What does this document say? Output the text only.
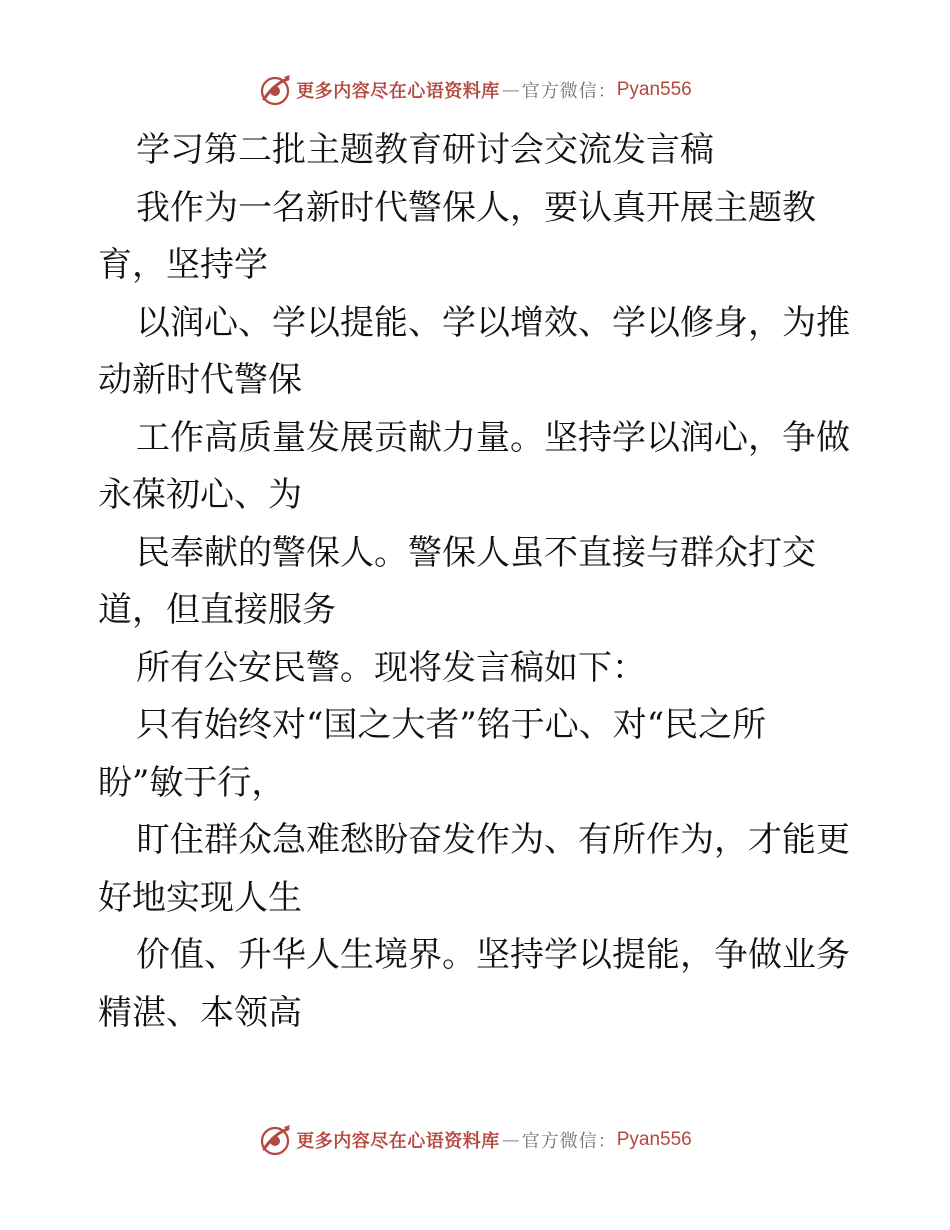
更多内容尽在心语资料库 — 官方微信： Pyan556
学习第二批主题教育研讨会交流发言稿
我作为一名新时代警保人，要认真开展主题教
育，坚持学
以润心、学以提能、学以增效、学以修身，为推
动新时代警保
工作高质量发展贡献力量。坚持学以润心，争做
永葆初心、为
民奉献的警保人。警保人虽不直接与群众打交
道，但直接服务
所有公安民警。现将发言稿如下：
只有始终对“国之大者”铭于心、对“民之所
盼”敏于行，
盯住群众急难愁盼奋发作为、有所作为，才能更
好地实现人生
价值、升华人生境界。坚持学以提能，争做业务
精湛、本领高
更多内容尽在心语资料库 — 官方微信： Pyan556
